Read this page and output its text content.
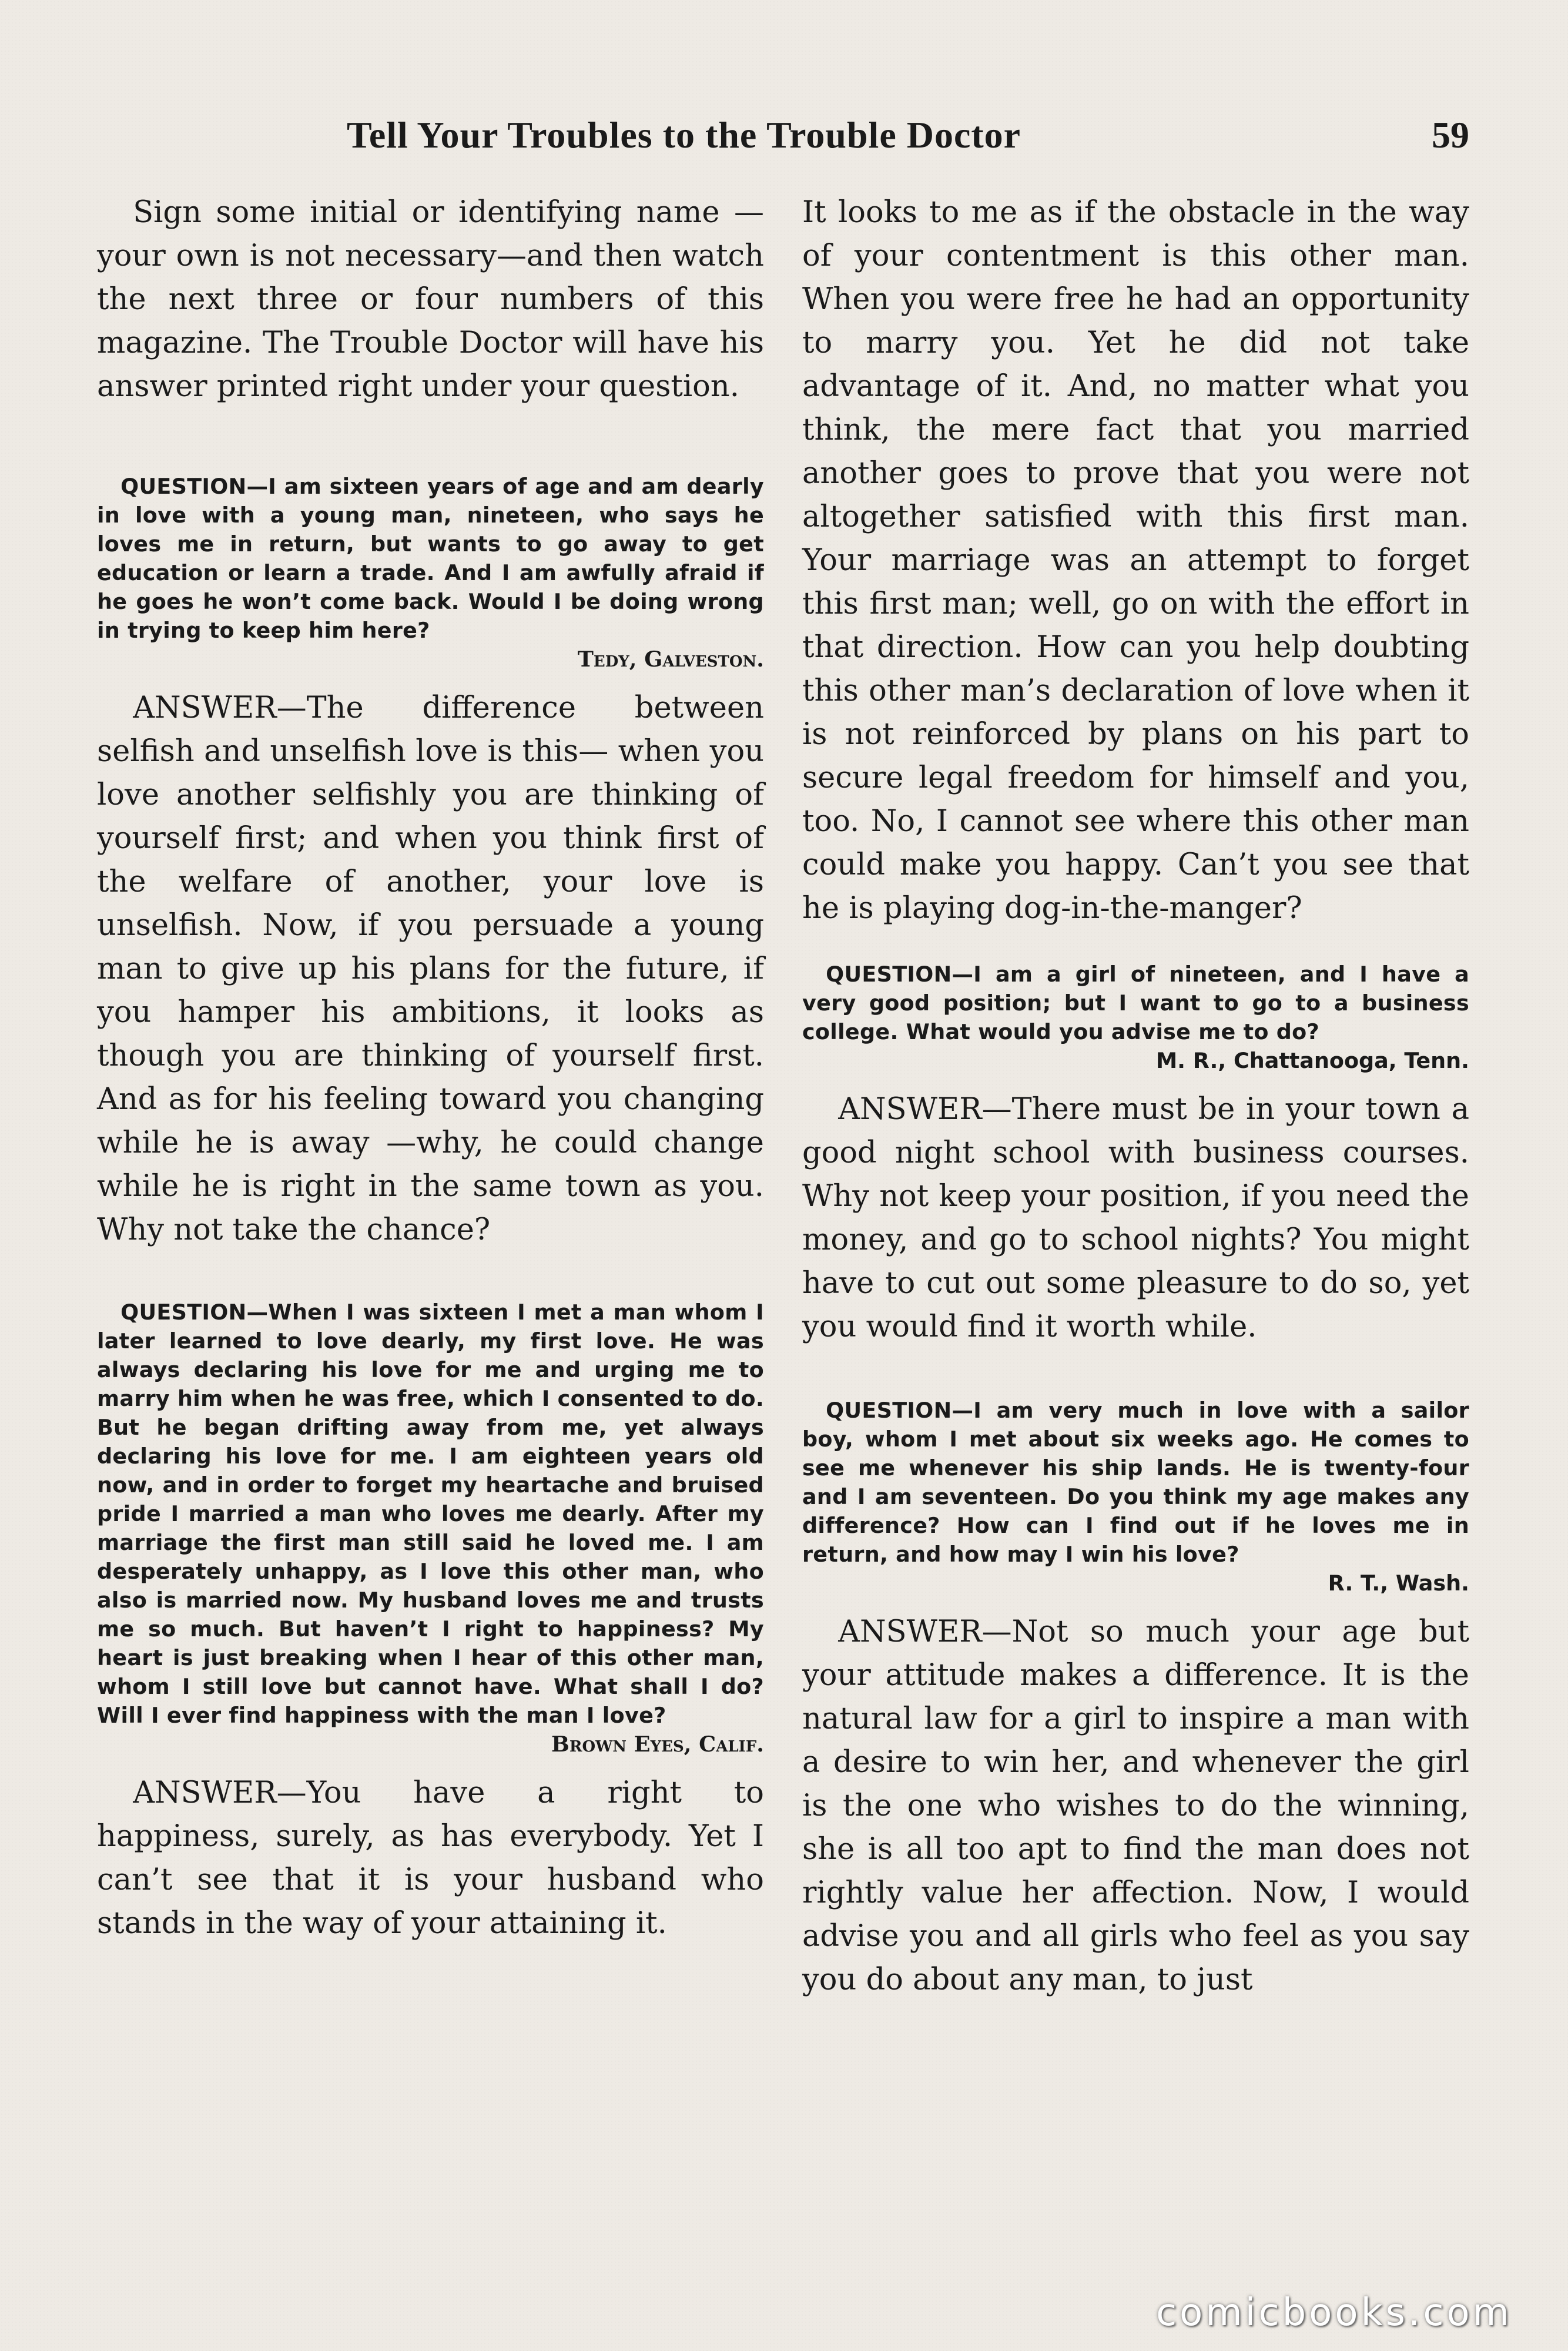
Tell Your Troubles to the Trouble Doctor	59

Sign some initial or identifying name —your own is not necessary—and then watch the next three or four numbers of this magazine. The Trouble Doctor will have his answer printed right under your question.

QUESTION—I am sixteen years of age and am dearly in love with a young man, nineteen, who says he loves me in return, but wants to go away to get education or learn a trade. And I am awfully afraid if he goes he won’t come back. Would I be doing wrong in trying to keep him here?

Tedy, Galveston.

ANSWER—The difference between selfish and unselfish love is this— when you love another selfishly you are thinking of yourself first; and when you think first of the welfare of another, your love is unselfish. Now, if you persuade a young man to give up his plans for the future, if you hamper his ambitions, it looks as though you are thinking of yourself first. And as for his feeling toward you changing while he is away —why, he could change while he is right in the same town as you. Why not take the chance?

QUESTION—When I was sixteen I met a man whom I later learned to love dearly, my first love. He was always declaring his love for me and urging me to marry him when he was free, which I consented to do. But he began drifting away from me, yet always declaring his love for me. I am eighteen years old now, and in order to forget my heartache and bruised pride I married a man who loves me dearly. After my marriage the first man still said he loved me. I am desperately unhappy, as I love this other man, who also is married now. My husband loves me and trusts me so much. But haven’t I right to happiness? My heart is just breaking when I hear of this other man, whom I still love but cannot have. What shall I do? Will I ever find happiness with the man I love?

Brown Eyes, Calif.

ANSWER—You have a right to happiness, surely, as has everybody. Yet I can’t see that it is your husband who stands in the way of your attaining it.

It looks to me as if the obstacle in the way of your contentment is this other man. When you were free he had an opportunity to marry you. Yet he did not take advantage of it. And, no matter what you think, the mere fact that you married another goes to prove that you were not altogether satisfied with this first man. Your marriage was an attempt to forget this first man; well, go on with the effort in that direction. How can you help doubting this other man’s declaration of love when it is not reinforced by plans on his part to secure legal freedom for himself and you, too. No, I cannot see where this other man could make you happy. Can’t you see that he is playing dog-in-the-manger?

QUESTION—I am a girl of nineteen, and I have a very good position; but I want to go to a business college. What would you advise me to do?

M. R., Chattanooga, Tenn.

ANSWER—There must be in your town a good night school with business courses. Why not keep your position, if you need the money, and go to school nights? You might have to cut out some pleasure to do so, yet you would find it worth while.

QUESTION—I am very much in love with a sailor boy, whom I met about six weeks ago. He comes to see me whenever his ship lands. He is twenty-four and I am seventeen. Do you think my age makes any difference? How can I find out if he loves me in return, and how may I win his love?

R. T., Wash.

ANSWER—Not so much your age but your attitude makes a difference. It is the natural law for a girl to inspire a man with a desire to win her, and whenever the girl is the one who wishes to do the winning, she is all too apt to find the man does not rightly value her affection. Now, I would advise you and all girls who feel as you say you do about any man, to just

comicbooks.com
